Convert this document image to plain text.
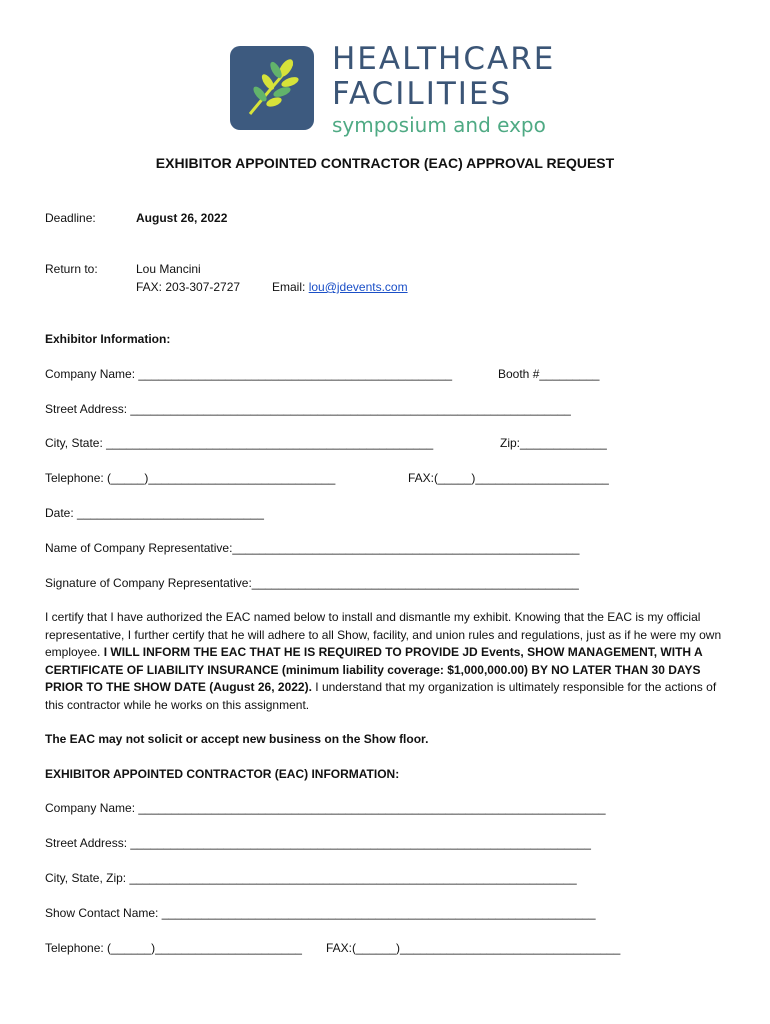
HEALTHCARE
FACILITIES
symposium and expo
EXHIBITOR APPOINTED CONTRACTOR (EAC) APPROVAL REQUEST
Deadline:	August 26, 2022
Return to:	Lou Mancini
FAX: 203-307-2727	Email: lou@jdevents.com
Exhibitor Information:
Company Name: _______________________________________________	Booth #_________
Street Address: __________________________________________________________________
City, State: _________________________________________________	Zip:_____________
Telephone: (_____)____________________________	FAX:(_____)____________________
Date: ____________________________
Name of Company Representative:____________________________________________________
Signature of Company Representative:_________________________________________________
I certify that I have authorized the EAC named below to install and dismantle my exhibit. Knowing that the EAC is my official representative, I further certify that he will adhere to all Show, facility, and union rules and regulations, just as if he were my own employee. I WILL INFORM THE EAC THAT HE IS REQUIRED TO PROVIDE JD Events, SHOW MANAGEMENT, WITH A CERTIFICATE OF LIABILITY INSURANCE (minimum liability coverage: $1,000,000.00) BY NO LATER THAN 30 DAYS PRIOR TO THE SHOW DATE (August 26, 2022). I understand that my organization is ultimately responsible for the actions of this contractor while he works on this assignment.
The EAC may not solicit or accept new business on the Show floor.
EXHIBITOR APPOINTED CONTRACTOR (EAC) INFORMATION:
Company Name: ______________________________________________________________________
Street Address: _____________________________________________________________________
City, State, Zip: ___________________________________________________________________
Show Contact Name: _________________________________________________________________
Telephone: (______)______________________ FAX:(______)_________________________________
